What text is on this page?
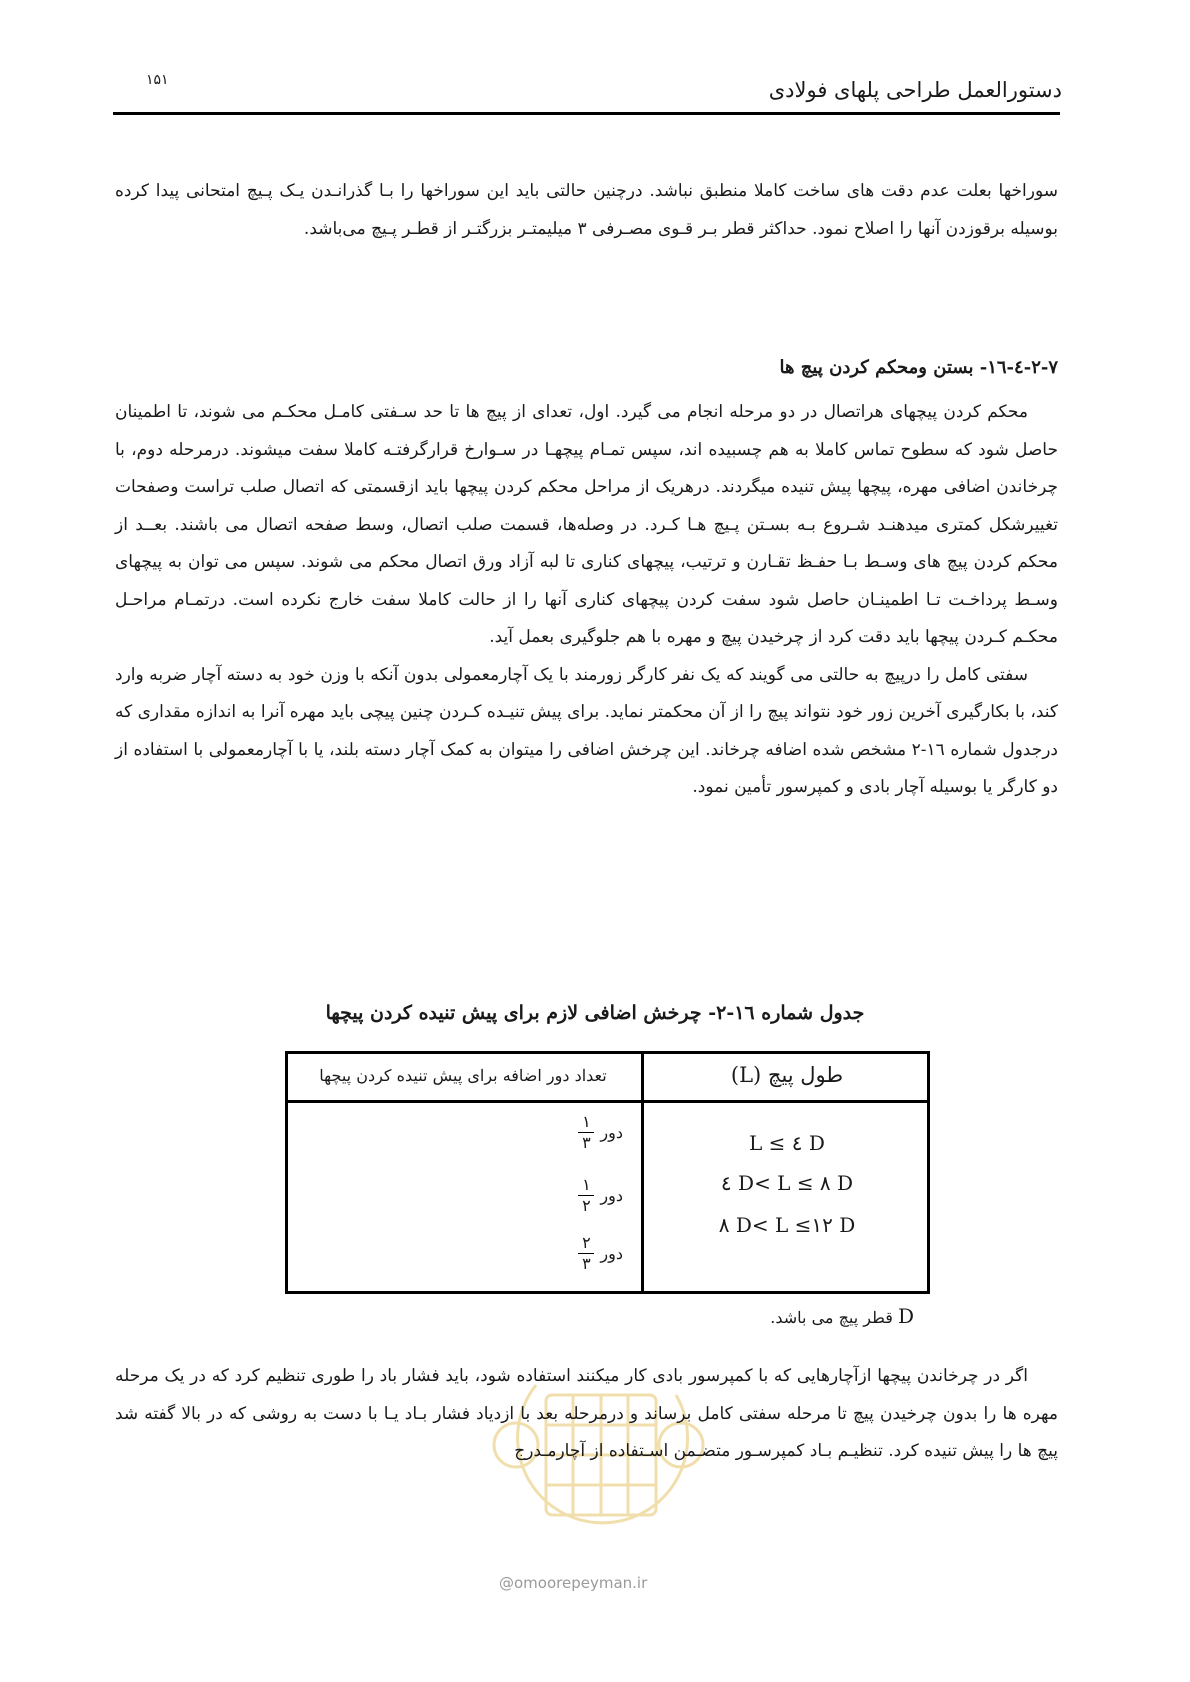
دستورالعمل طراحی پلهای فولادی
۱۵۱

سوراخها بعلت عدم دقت های ساخت کاملا منطبق نباشد. درچنین حالتی باید این سوراخها را بـا گذرانـدن یـک پـیچ امتحانی پیدا کرده بوسیله برقوزدن آنها را اصلاح نمود. حداکثر قطر بـر قـوی مصـرفی ۳ میلیمتـر بزرگتـر از قطـر پـیچ می‌باشد.

۲-۷-٤-۱٦- بستن ومحکم کردن پیچ ها

محکم کردن پیچهای هراتصال در دو مرحله انجام می گیرد. اول، تعدای از پیچ ها تا حد سـفتی کامـل محکـم می شوند، تا اطمینان حاصل شود که سطوح تماس کاملا به هم چسبیده اند، سپس تمـام پیچهـا در سـوارخ قرارگرفتـه کاملا سفت میشوند. درمرحله دوم، با چرخاندن اضافی مهره، پیچها پیش تنیده میگردند. درهریک از مراحل محکم کردن پیچها باید ازقسمتی که اتصال صلب تراست وصفحات تغییرشکل کمتری میدهنـد شـروع بـه بسـتن پـیچ هـا کـرد. در وصله‌ها، قسمت صلب اتصال، وسط صفحه اتصال می باشند. بعــد از محکم کردن پیچ های وسـط بـا حفـظ تقـارن و ترتیب، پیچهای کناری تا لبه آزاد ورق اتصال محکم می شوند. سپس می توان به پیچهای وسـط پرداخـت تـا اطمینـان حاصل شود سفت کردن پیچهای کناری آنها را از حالت کاملا سفت خارج نکرده است. درتمـام مراحـل محکـم کـردن پیچها باید دقت کرد از چرخیدن پیچ و مهره با هم جلوگیری بعمل آید.

سفتی کامل را درپیچ به حالتی می گویند که یک نفر کارگر زورمند با یک آچارمعمولی بدون آنکه با وزن خود به دسته آچار ضربه وارد کند، با بکارگیری آخرین زور خود نتواند پیچ را از آن محکمتر نماید. برای پیش تنیـده کـردن چنین پیچی باید مهره آنرا به اندازه مقداری که درجدول شماره ۱٦-۲ مشخص شده اضافه چرخاند. این چرخش اضافی را میتوان به کمک آچار دسته بلند، یا با آچارمعمولی با استفاده از دو کارگر یا بوسیله آچار بادی و کمپرسور تأمین نمود.

جدول شماره ۱٦-۲- چرخش اضافی لازم برای پیش تنیده کردن پیچها
طول پیچ (L)
تعداد دور اضافه برای پیش تنیده کردن پیچها
L ≤ ٤ D
٤ D< L ≤ ۸ D
۸ D< L ≤۱۲ D
دور
$\frac{۱}{۳}$
دور
$\frac{۱}{۲}$
دور
$\frac{۲}{۳}$
D قطر پیچ می باشد.
@omoorepeyman.ir

اگر در چرخاندن پیچها ازآچارهایی که با کمپرسور بادی کار میکنند استفاده شود، باید فشار باد را طوری تنظیم کرد که در یک مرحله مهره ها را بدون چرخیدن پیچ تا مرحله سفتی کامل برساند و درمرحله بعد با ازدیاد فشار بـاد یـا با دست به روشی که در بالا گفته شد پیچ ها را پیش تنیده کرد. تنظیـم بـاد کمپرسـور متضـمن اسـتفاده از آچارمـدرج
